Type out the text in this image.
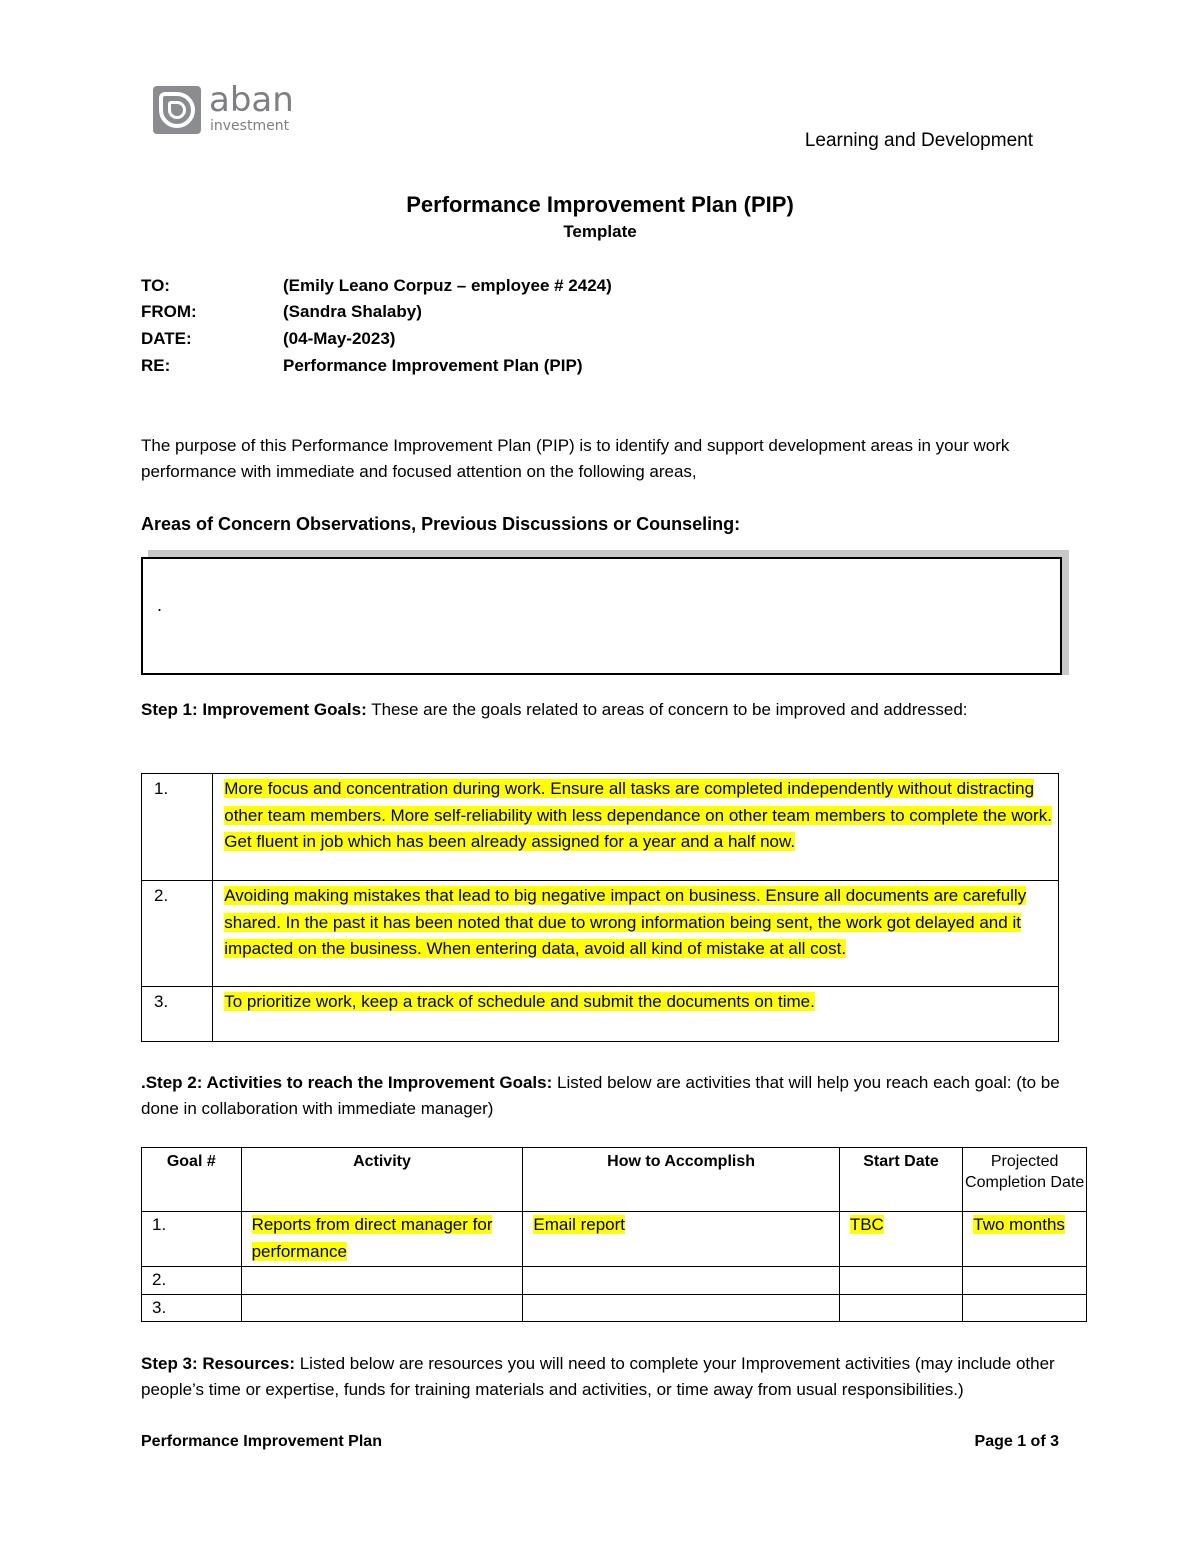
aban
investment
Learning and Development
Performance Improvement Plan (PIP)
Template
TO:	(Emily Leano Corpuz – employee # 2424)
FROM:	(Sandra Shalaby)
DATE:	(04-May-2023)
RE:	Performance Improvement Plan (PIP)
The purpose of this Performance Improvement Plan (PIP) is to identify and support development areas in your work performance with immediate and focused attention on the following areas,
Areas of Concern Observations, Previous Discussions or Counseling:
.
Step 1: Improvement Goals: These are the goals related to areas of concern to be improved and addressed:
1.	More focus and concentration during work. Ensure all tasks are completed independently without distracting other team members. More self-reliability with less dependance on other team members to complete the work. Get fluent in job which has been already assigned for a year and a half now.
2.	Avoiding making mistakes that lead to big negative impact on business. Ensure all documents are carefully shared. In the past it has been noted that due to wrong information being sent, the work got delayed and it impacted on the business. When entering data, avoid all kind of mistake at all cost.
3.	To prioritize work, keep a track of schedule and submit the documents on time.
.Step 2: Activities to reach the Improvement Goals: Listed below are activities that will help you reach each goal: (to be done in collaboration with immediate manager)
Goal #	Activity	How to Accomplish	Start Date	Projected Completion Date
1.	Reports from direct manager for performance	Email report	TBC	Two months
2.				
3.				
Step 3: Resources: Listed below are resources you will need to complete your Improvement activities (may include other people’s time or expertise, funds for training materials and activities, or time away from usual responsibilities.)
Performance Improvement Plan	Page 1 of 3
